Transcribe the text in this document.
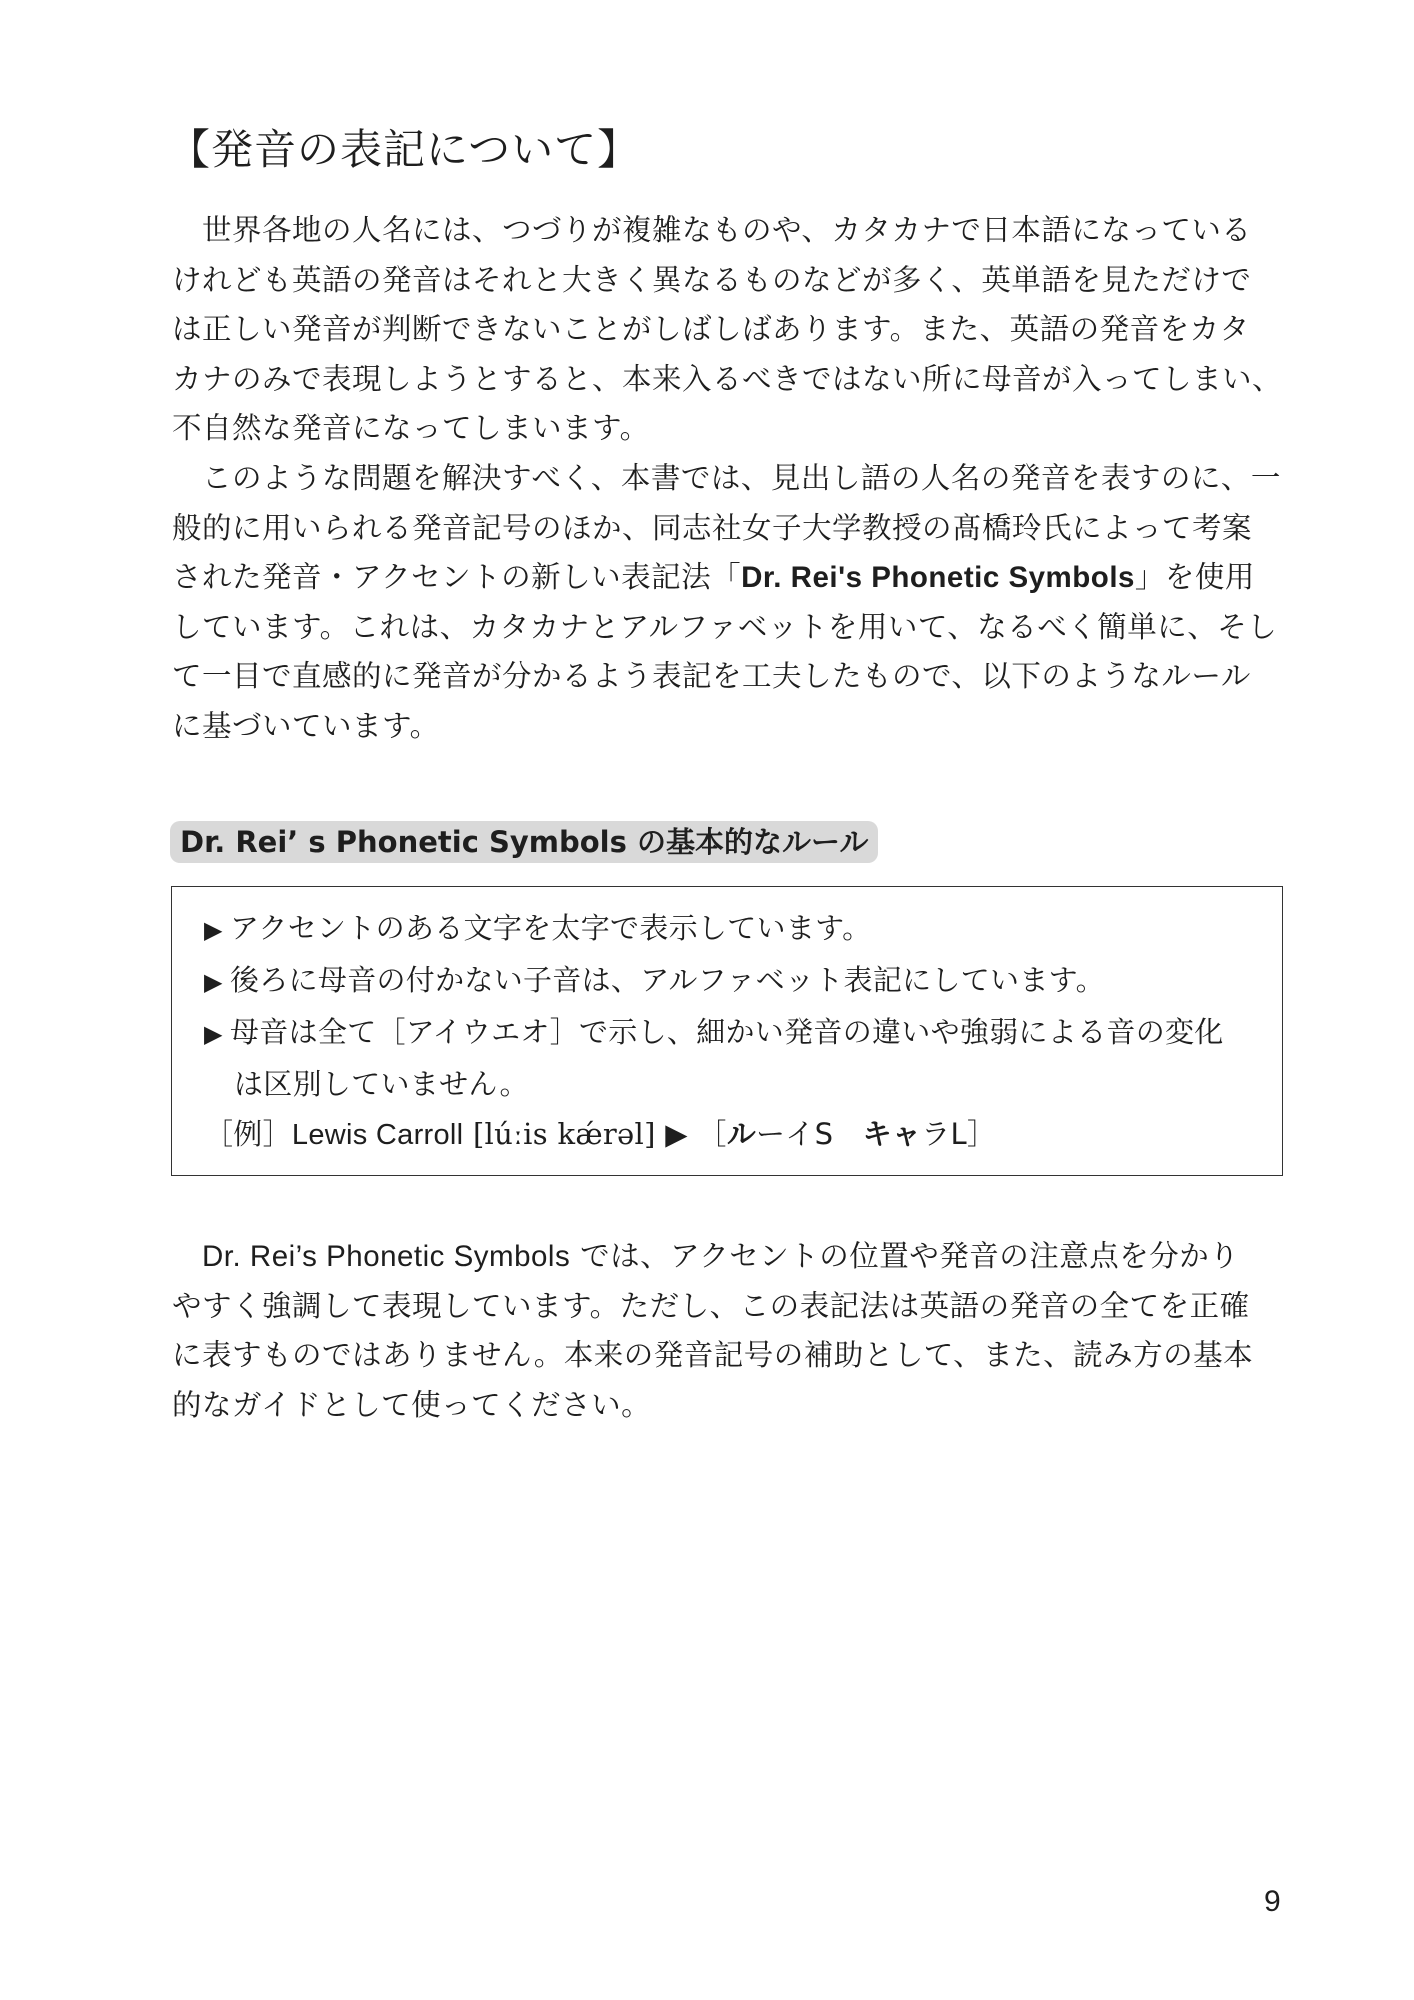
【発音の表記について】
世界各地の人名には、つづりが複雑なものや、カタカナで日本語になっている
けれども英語の発音はそれと大きく異なるものなどが多く、英単語を見ただけで
は正しい発音が判断できないことがしばしばあります。また、英語の発音をカタ
カナのみで表現しようとすると、本来入るべきではない所に母音が入ってしまい、
不自然な発音になってしまいます。
このような問題を解決すべく、本書では、見出し語の人名の発音を表すのに、一
般的に用いられる発音記号のほか、同志社女子大学教授の髙橋玲氏によって考案
された発音・アクセントの新しい表記法「Dr. Rei's Phonetic Symbols」を使用
しています。これは、カタカナとアルファベットを用いて、なるべく簡単に、そし
て一目で直感的に発音が分かるよう表記を工夫したもので、以下のようなルール
に基づいています。
Dr. Rei’ s Phonetic Symbols の基本的なルール
▶ アクセントのある文字を太字で表示しています。
▶ 後ろに母音の付かない子音は、アルファベット表記にしています。
▶ 母音は全て［アイウエオ］で示し、細かい発音の違いや強弱による音の変化
は区別していません。
［例］Lewis Carroll [lúːis kǽrəl] ▶ ［ルーイS　キャラL］
Dr. Rei’s Phonetic Symbols では、アクセントの位置や発音の注意点を分かり
やすく強調して表現しています。ただし、この表記法は英語の発音の全てを正確
に表すものではありません。本来の発音記号の補助として、また、読み方の基本
的なガイドとして使ってください。
9
